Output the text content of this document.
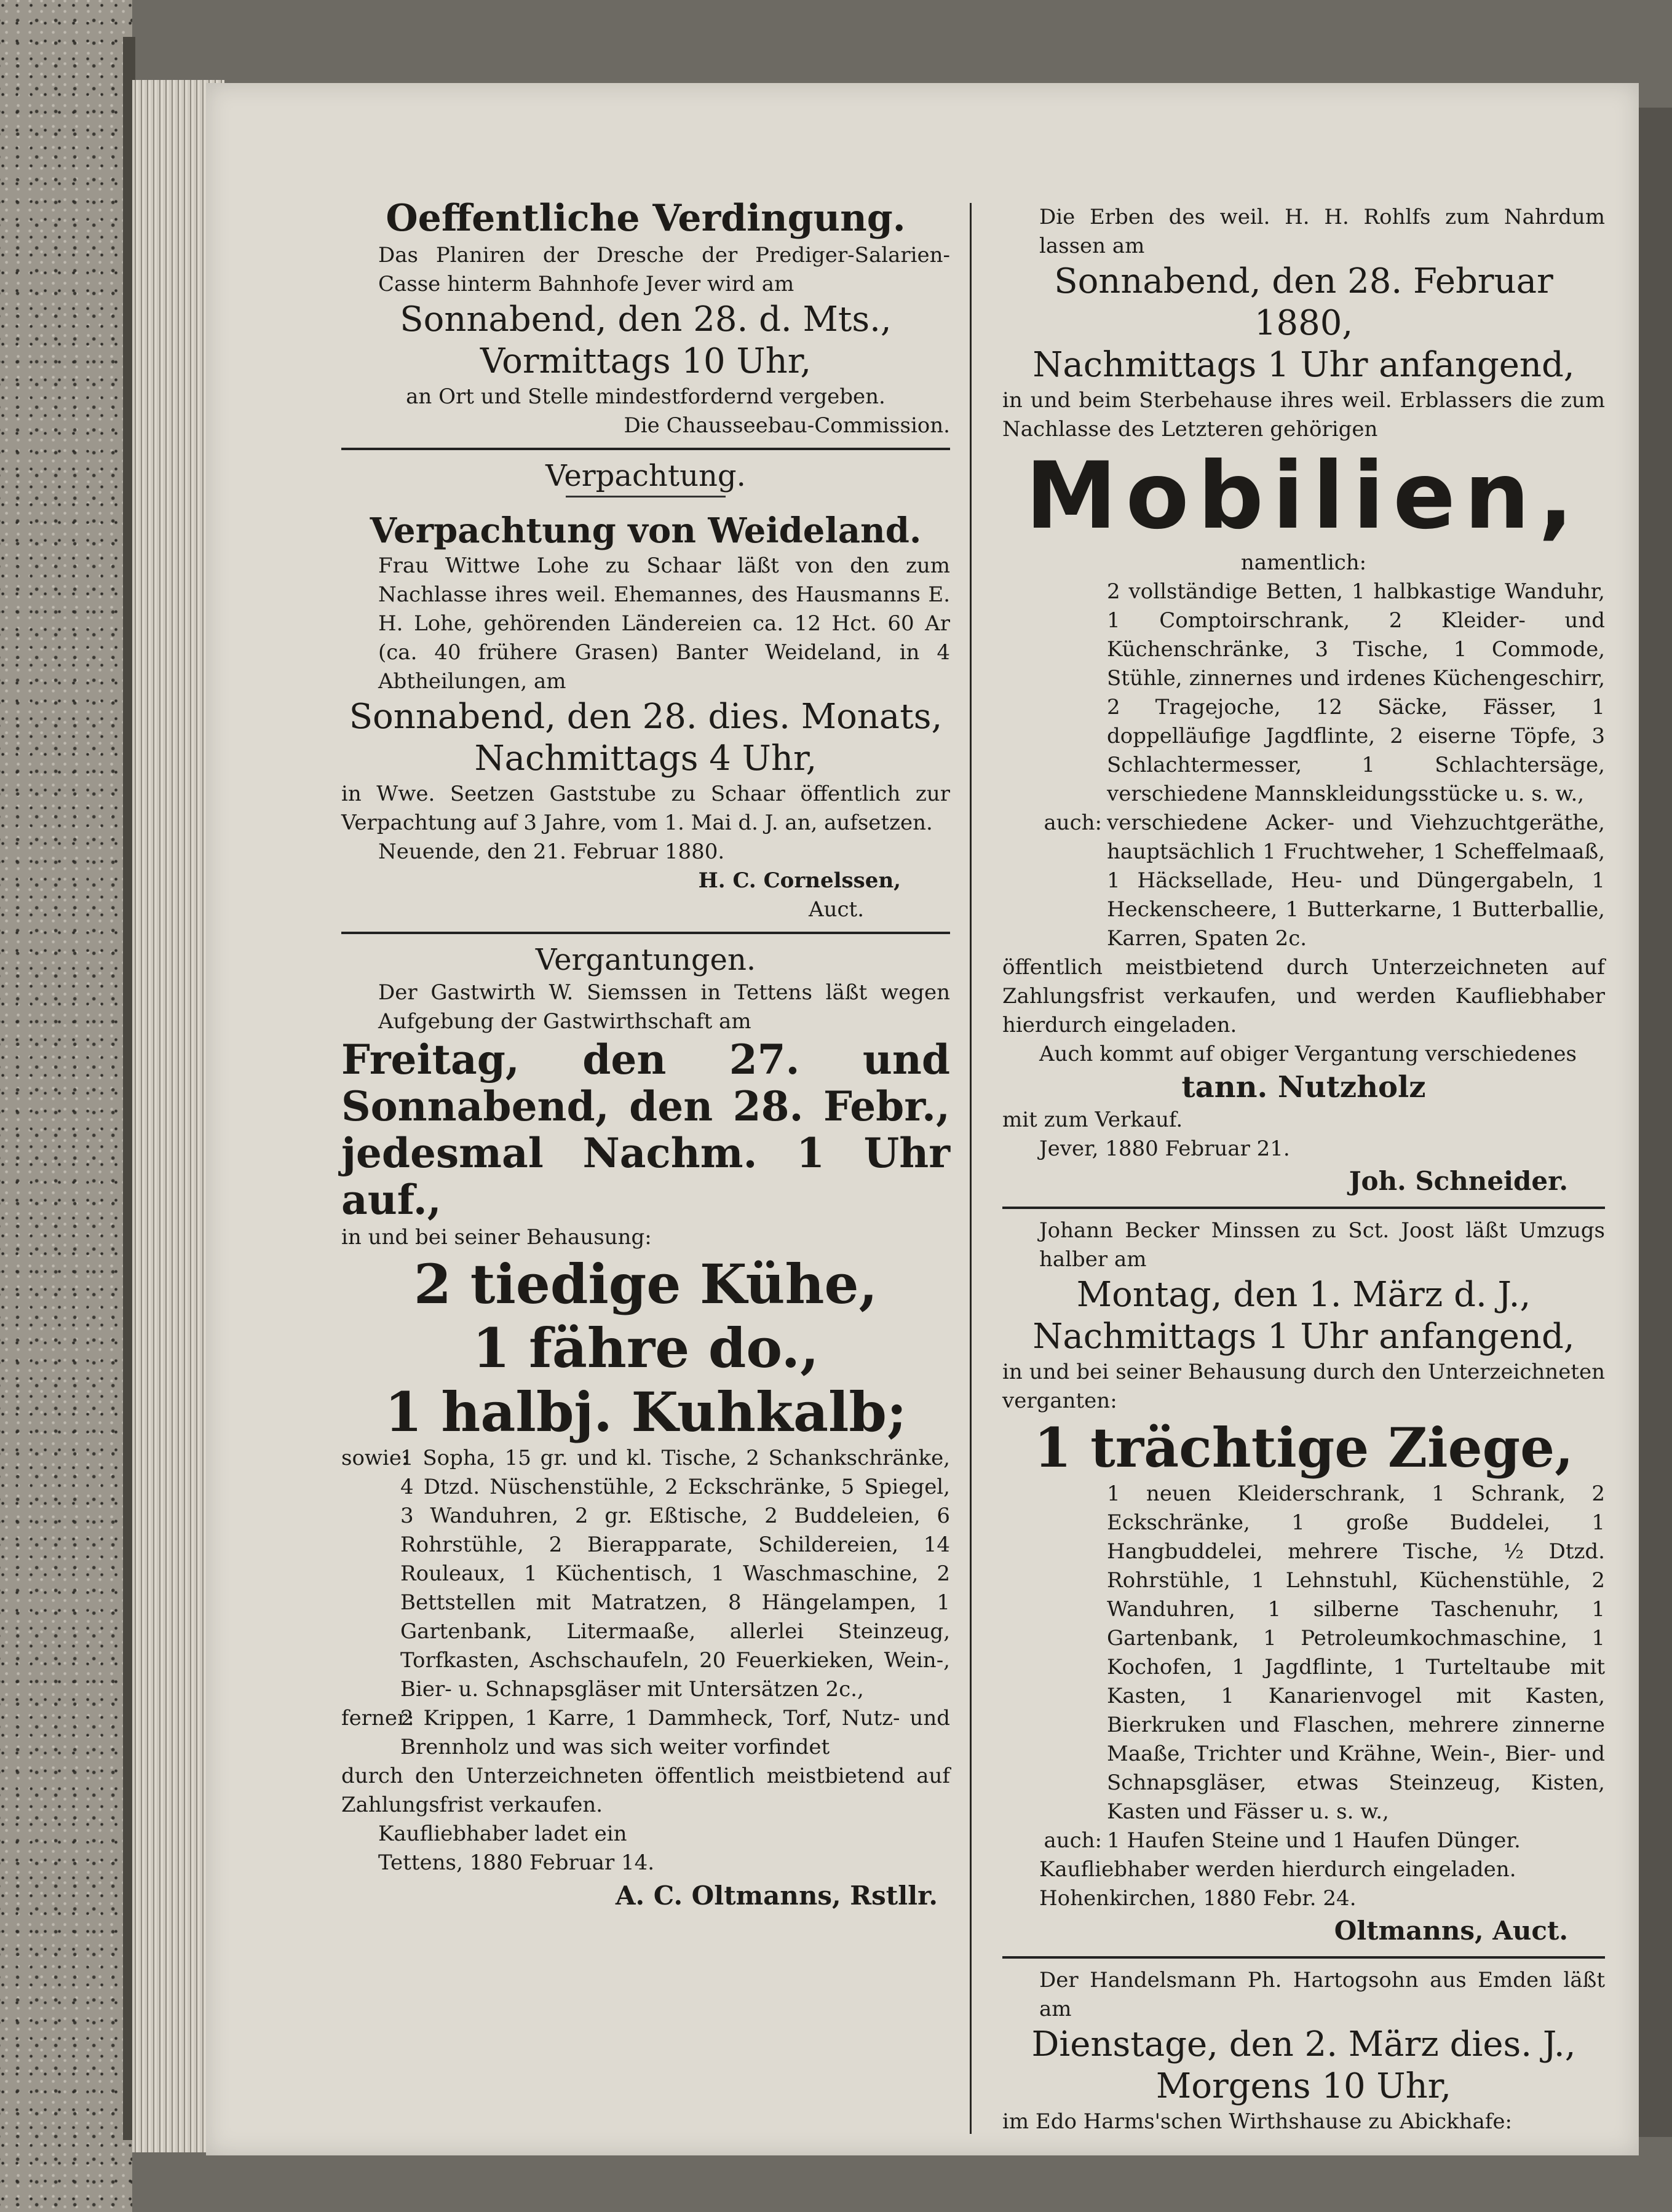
Oeffentliche Verdingung.

Das Planiren der Dresche der Prediger-Salarien-Casse hinterm Bahnhofe Jever wird am

Sonnabend, den 28. d. Mts.,

Vormittags 10 Uhr,

an Ort und Stelle mindestfordernd vergeben.

Die Chausseebau-Commission.

Verpachtung.

Verpachtung von Weideland.

Frau Wittwe Lohe zu Schaar läßt von den zum Nachlasse ihres weil. Ehemannes, des Hausmanns E. H. Lohe, gehörenden Ländereien ca. 12 Hct. 60 Ar (ca. 40 frühere Grasen) Banter Weideland, in 4 Abtheilungen, am

Sonnabend, den 28. dies. Monats,

Nachmittags 4 Uhr,

in Wwe. Seetzen Gaststube zu Schaar öffentlich zur Verpachtung auf 3 Jahre, vom 1. Mai d. J. an, aufsetzen.

Neuende, den 21. Februar 1880.

H. C. Cornelssen,

Auct.

Vergantungen.

Der Gastwirth W. Siemssen in Tettens läßt wegen Aufgebung der Gastwirthschaft am

Freitag, den 27. und Sonnabend, den 28. Febr., jedesmal Nachm. 1 Uhr auf.,

in und bei seiner Behausung:

2 tiedige Kühe,

1 fähre do.,

1 halbj. Kuhkalb;

sowie:
1 Sopha, 15 gr. und kl. Tische, 2 Schankschränke, 4 Dtzd. Nüschenstühle, 2 Eckschränke, 5 Spiegel, 3 Wanduhren, 2 gr. Eßtische, 2 Buddeleien, 6 Rohrstühle, 2 Bierapparate, Schildereien, 14 Rouleaux, 1 Küchentisch, 1 Waschmaschine, 2 Bettstellen mit Matratzen, 8 Hängelampen, 1 Gartenbank, Litermaaße, allerlei Steinzeug, Torfkasten, Aschschaufeln, 20 Feuerkieken, Wein-, Bier- u. Schnapsgläser mit Untersätzen 2c.,
ferner:
2 Krippen, 1 Karre, 1 Dammheck, Torf, Nutz- und Brennholz und was sich weiter vorfindet

durch den Unterzeichneten öffentlich meistbietend auf Zahlungsfrist verkaufen.

Kaufliebhaber ladet ein

Tettens, 1880 Februar 14.

A. C. Oltmanns, Rstllr.

Die Erben des weil. H. H. Rohlfs zum Nahrdum lassen am

Sonnabend, den 28. Februar 1880,

Nachmittags 1 Uhr anfangend,

in und beim Sterbehause ihres weil. Erblassers die zum Nachlasse des Letzteren gehörigen

Mobilien,

namentlich:

2 vollständige Betten, 1 halbkastige Wanduhr, 1 Comptoirschrank, 2 Kleider- und Küchenschränke, 3 Tische, 1 Commode, Stühle, zinnernes und irdenes Küchengeschirr, 2 Tragejoche, 12 Säcke, Fässer, 1 doppelläufige Jagdflinte, 2 eiserne Töpfe, 3 Schlachtermesser, 1 Schlachtersäge, verschiedene Mannskleidungsstücke u. s. w.,

auch: verschiedene Acker- und Viehzuchtgeräthe, hauptsächlich 1 Fruchtweher, 1 Scheffelmaaß, 1 Häcksellade, Heu- und Düngergabeln, 1 Heckenscheere, 1 Butterkarne, 1 Butterballie, Karren, Spaten 2c.

öffentlich meistbietend durch Unterzeichneten auf Zahlungsfrist verkaufen, und werden Kaufliebhaber hierdurch eingeladen.

Auch kommt auf obiger Vergantung verschiedenes

tann. Nutzholz

mit zum Verkauf.

Jever, 1880 Februar 21.

Joh. Schneider.

Johann Becker Minssen zu Sct. Joost läßt Umzugs halber am

Montag, den 1. März d. J., Nachmittags 1 Uhr anfangend,

in und bei seiner Behausung durch den Unterzeichneten verganten:

1 trächtige Ziege,

1 neuen Kleiderschrank, 1 Schrank, 2 Eckschränke, 1 große Buddelei, 1 Hangbuddelei, mehrere Tische, ½ Dtzd. Rohrstühle, 1 Lehnstuhl, Küchenstühle, 2 Wanduhren, 1 silberne Taschenuhr, 1 Gartenbank, 1 Petroleumkochmaschine, 1 Kochofen, 1 Jagdflinte, 1 Turteltaube mit Kasten, 1 Kanarienvogel mit Kasten, Bierkruken und Flaschen, mehrere zinnerne Maaße, Trichter und Krähne, Wein-, Bier- und Schnapsgläser, etwas Steinzeug, Kisten, Kasten und Fässer u. s. w.,

auch: 1 Haufen Steine und 1 Haufen Dünger.

Kaufliebhaber werden hierdurch eingeladen.

Hohenkirchen, 1880 Febr. 24.

Oltmanns, Auct.

Der Handelsmann Ph. Hartogsohn aus Emden läßt am

Dienstage, den 2. März dies. J.,

Morgens 10 Uhr,

im Edo Harms'schen Wirthshause zu Abickhafe:
